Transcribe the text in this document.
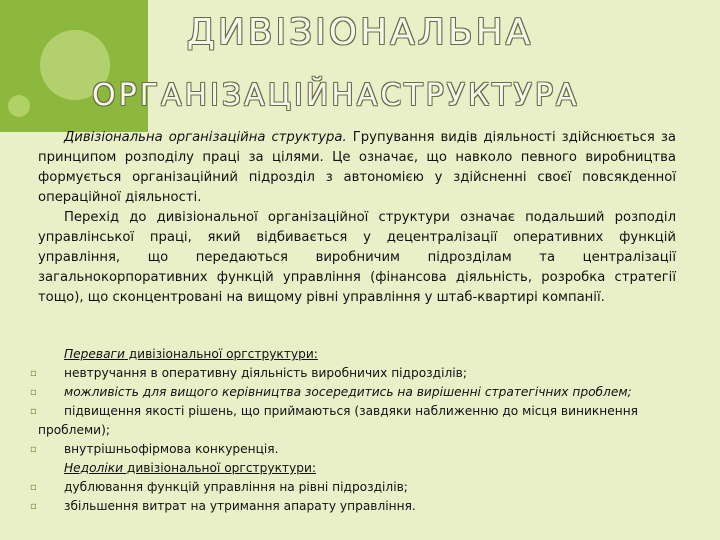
ДИВІЗІОНАЛЬНА
ОРГАНІЗАЦІЙНАСТРУКТУРА

Дивізіональна організаційна структура. Групування видів діяльності здійснюється за принципом розподілу праці за цілями. Це означає, що навколо певного виробництва формується організаційний підрозділ з автономією у здійсненні своєї повсякденної операційної діяльності.

Перехід до дивізіональної організаційної структури означає подальший розподіл управлінської праці, який відбивається у децентралізації оперативних функцій управління, що передаються виробничим підрозділам та централізації загальнокорпоративних функцій управління (фінансова діяльність, розробка стратегії тощо), що сконцентровані на вищому рівні управління у штаб-квартирі компанії.

Переваги дивізіональної оргструктури:
▫ невтручання в оперативну діяльність виробничих підрозділів;
▫ можливість для вищого керівництва зосередитись на вирішенні стратегічних проблем;
▫ підвищення якості рішень, що приймаються (завдяки наближенню до місця виникнення проблеми);
▫ внутрішньофірмова конкуренція.
Недоліки дивізіональної оргструктури:
▫ дублювання функцій управління на рівні підрозділів;
▫ збільшення витрат на утримання апарату управління.
